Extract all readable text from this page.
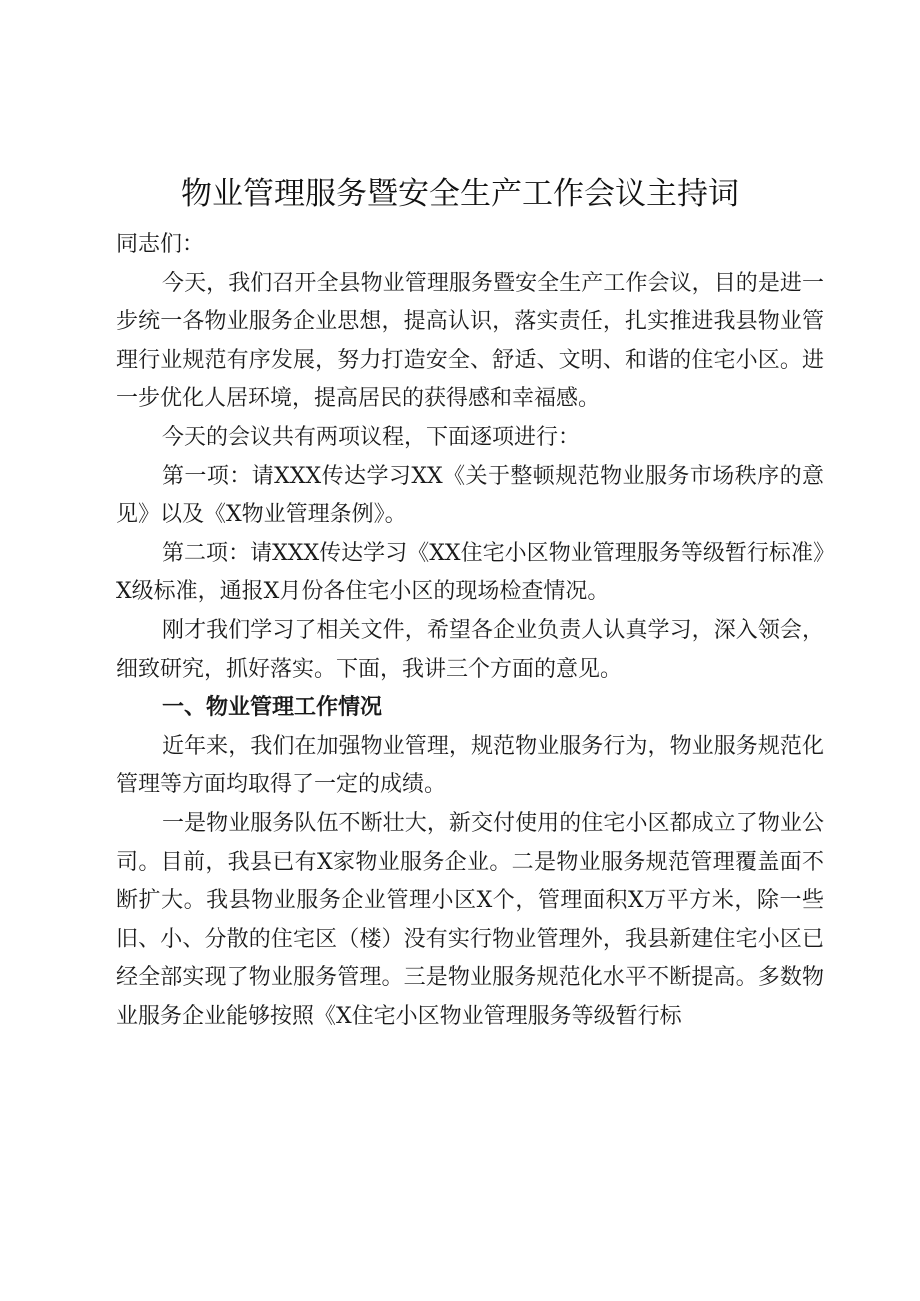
物业管理服务暨安全生产工作会议主持词

同志们：

今天，我们召开全县物业管理服务暨安全生产工作会议，目的是进一步统一各物业服务企业思想，提高认识，落实责任，扎实推进我县物业管理行业规范有序发展，努力打造安全、舒适、文明、和谐的住宅小区。进一步优化人居环境，提高居民的获得感和幸福感。

今天的会议共有两项议程，下面逐项进行：

第一项：请XXX传达学习XX《关于整顿规范物业服务市场秩序的意见》以及《X物业管理条例》。

第二项：请XXX传达学习《XX住宅小区物业管理服务等级暂行标准》X级标准，通报X月份各住宅小区的现场检查情况。

刚才我们学习了相关文件，希望各企业负责人认真学习，深入领会，细致研究，抓好落实。下面，我讲三个方面的意见。

一、物业管理工作情况

近年来，我们在加强物业管理，规范物业服务行为，物业服务规范化管理等方面均取得了一定的成绩。

一是物业服务队伍不断壮大，新交付使用的住宅小区都成立了物业公司。目前，我县已有X家物业服务企业。二是物业服务规范管理覆盖面不断扩大。我县物业服务企业管理小区X个，管理面积X万平方米，除一些旧、小、分散的住宅区（楼）没有实行物业管理外，我县新建住宅小区已经全部实现了物业服务管理。三是物业服务规范化水平不断提高。多数物业服务企业能够按照《X住宅小区物业管理服务等级暂行标
